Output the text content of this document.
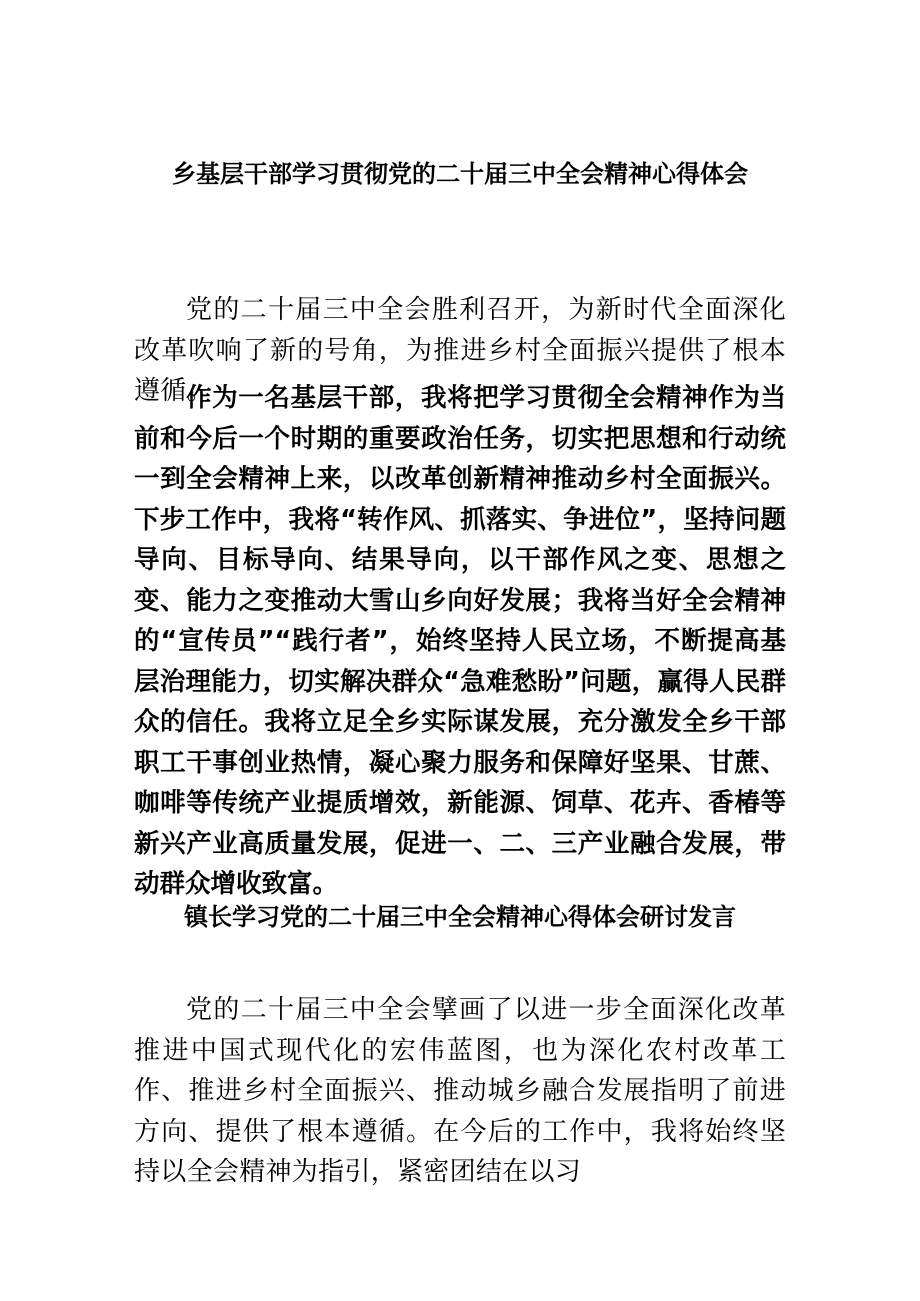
乡基层干部学习贯彻党的二十届三中全会精神心得体会

党的二十届三中全会胜利召开，为新时代全面深化改革吹响了新的号角，为推进乡村全面振兴提供了根本遵循。

作为一名基层干部，我将把学习贯彻全会精神作为当前和今后一个时期的重要政治任务，切实把思想和行动统一到全会精神上来，以改革创新精神推动乡村全面振兴。下步工作中，我将“转作风、抓落实、争进位”，坚持问题导向、目标导向、结果导向，以干部作风之变、思想之变、能力之变推动大雪山乡向好发展；我将当好全会精神的“宣传员”“践行者”，始终坚持人民立场，不断提高基层治理能力，切实解决群众“急难愁盼”问题，赢得人民群众的信任。我将立足全乡实际谋发展，充分激发全乡干部职工干事创业热情，凝心聚力服务和保障好坚果、甘蔗、咖啡等传统产业提质增效，新能源、饲草、花卉、香椿等新兴产业高质量发展，促进一、二、三产业融合发展，带动群众增收致富。

镇长学习党的二十届三中全会精神心得体会研讨发言

党的二十届三中全会擘画了以进一步全面深化改革推进中国式现代化的宏伟蓝图，也为深化农村改革工作、推进乡村全面振兴、推动城乡融合发展指明了前进方向、提供了根本遵循。在今后的工作中，我将始终坚持以全会精神为指引，紧密团结在以习
